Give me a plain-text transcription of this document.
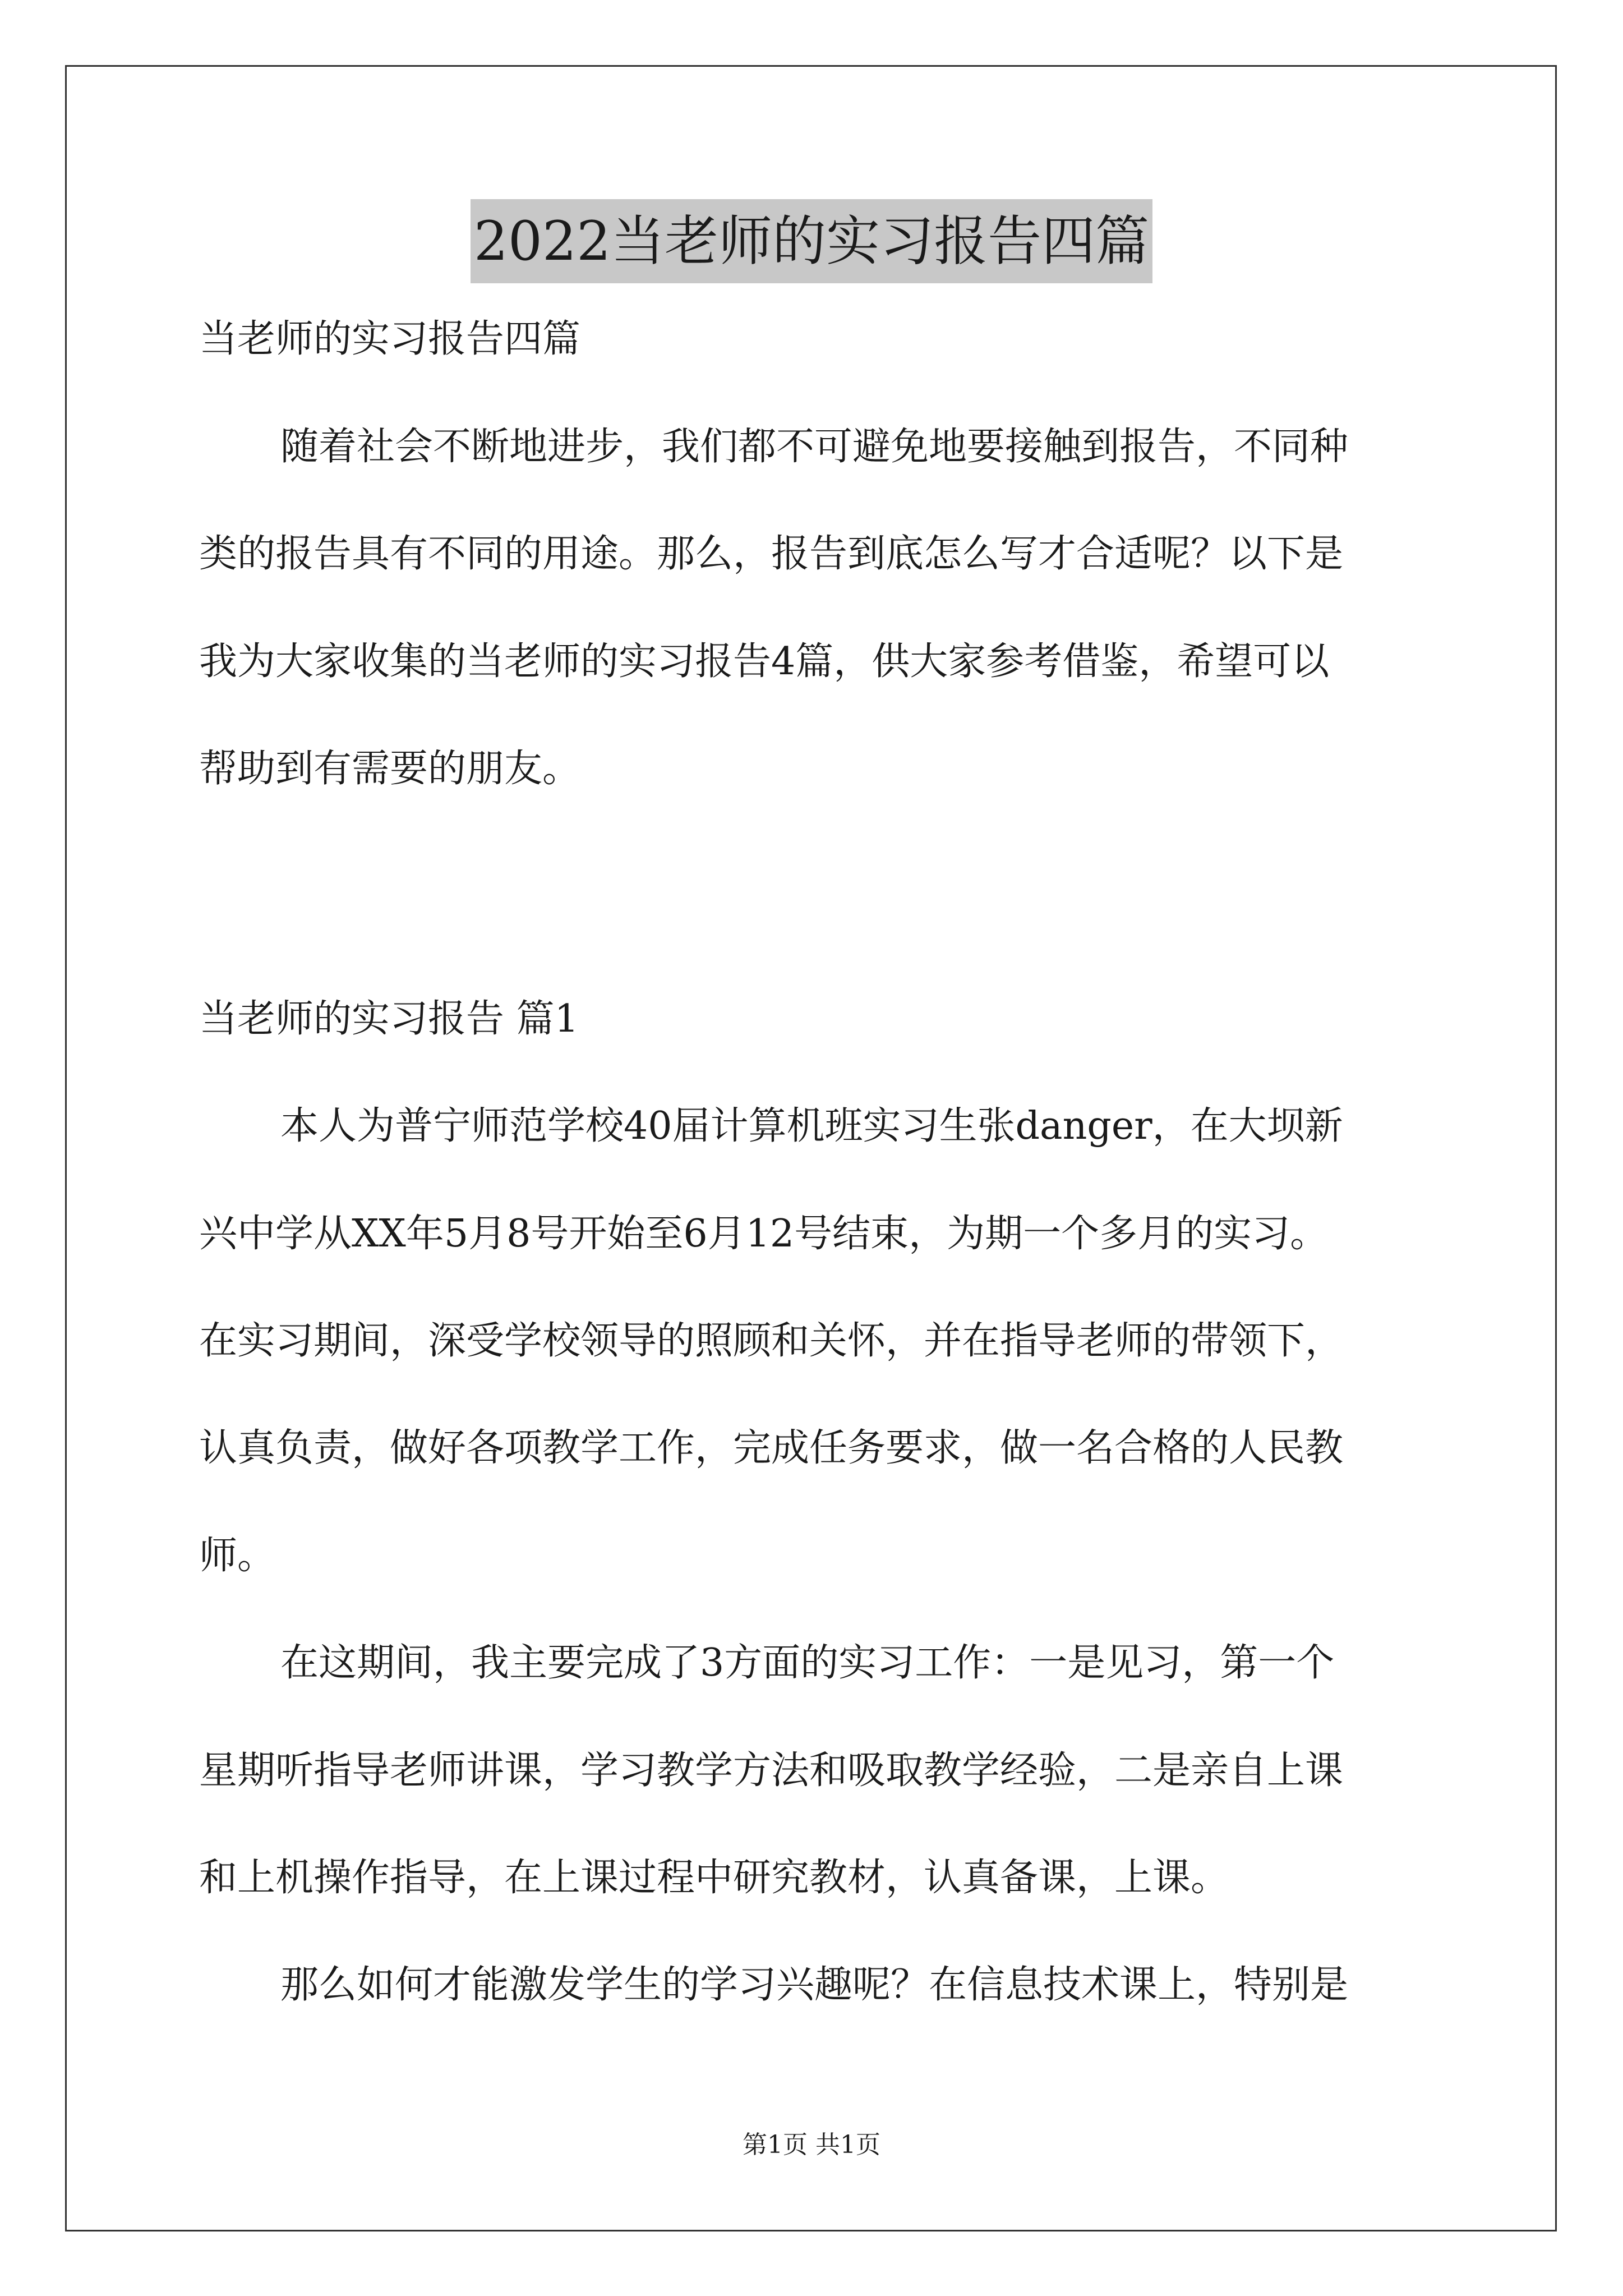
2022当老师的实习报告四篇

当老师的实习报告四篇

随着社会不断地进步，我们都不可避免地要接触到报告，不同种

类的报告具有不同的用途。那么，报告到底怎么写才合适呢？以下是

我为大家收集的当老师的实习报告4篇，供大家参考借鉴，希望可以

帮助到有需要的朋友。

当老师的实习报告 篇1

本人为普宁师范学校40届计算机班实习生张danger，在大坝新

兴中学从XX年5月8号开始至6月12号结束，为期一个多月的实习。

在实习期间，深受学校领导的照顾和关怀，并在指导老师的带领下，

认真负责，做好各项教学工作，完成任务要求，做一名合格的人民教

师。

在这期间，我主要完成了3方面的实习工作：一是见习，第一个

星期听指导老师讲课，学习教学方法和吸取教学经验，二是亲自上课

和上机操作指导，在上课过程中研究教材，认真备课，上课。

那么如何才能激发学生的学习兴趣呢？在信息技术课上，特别是

第1页 共1页
